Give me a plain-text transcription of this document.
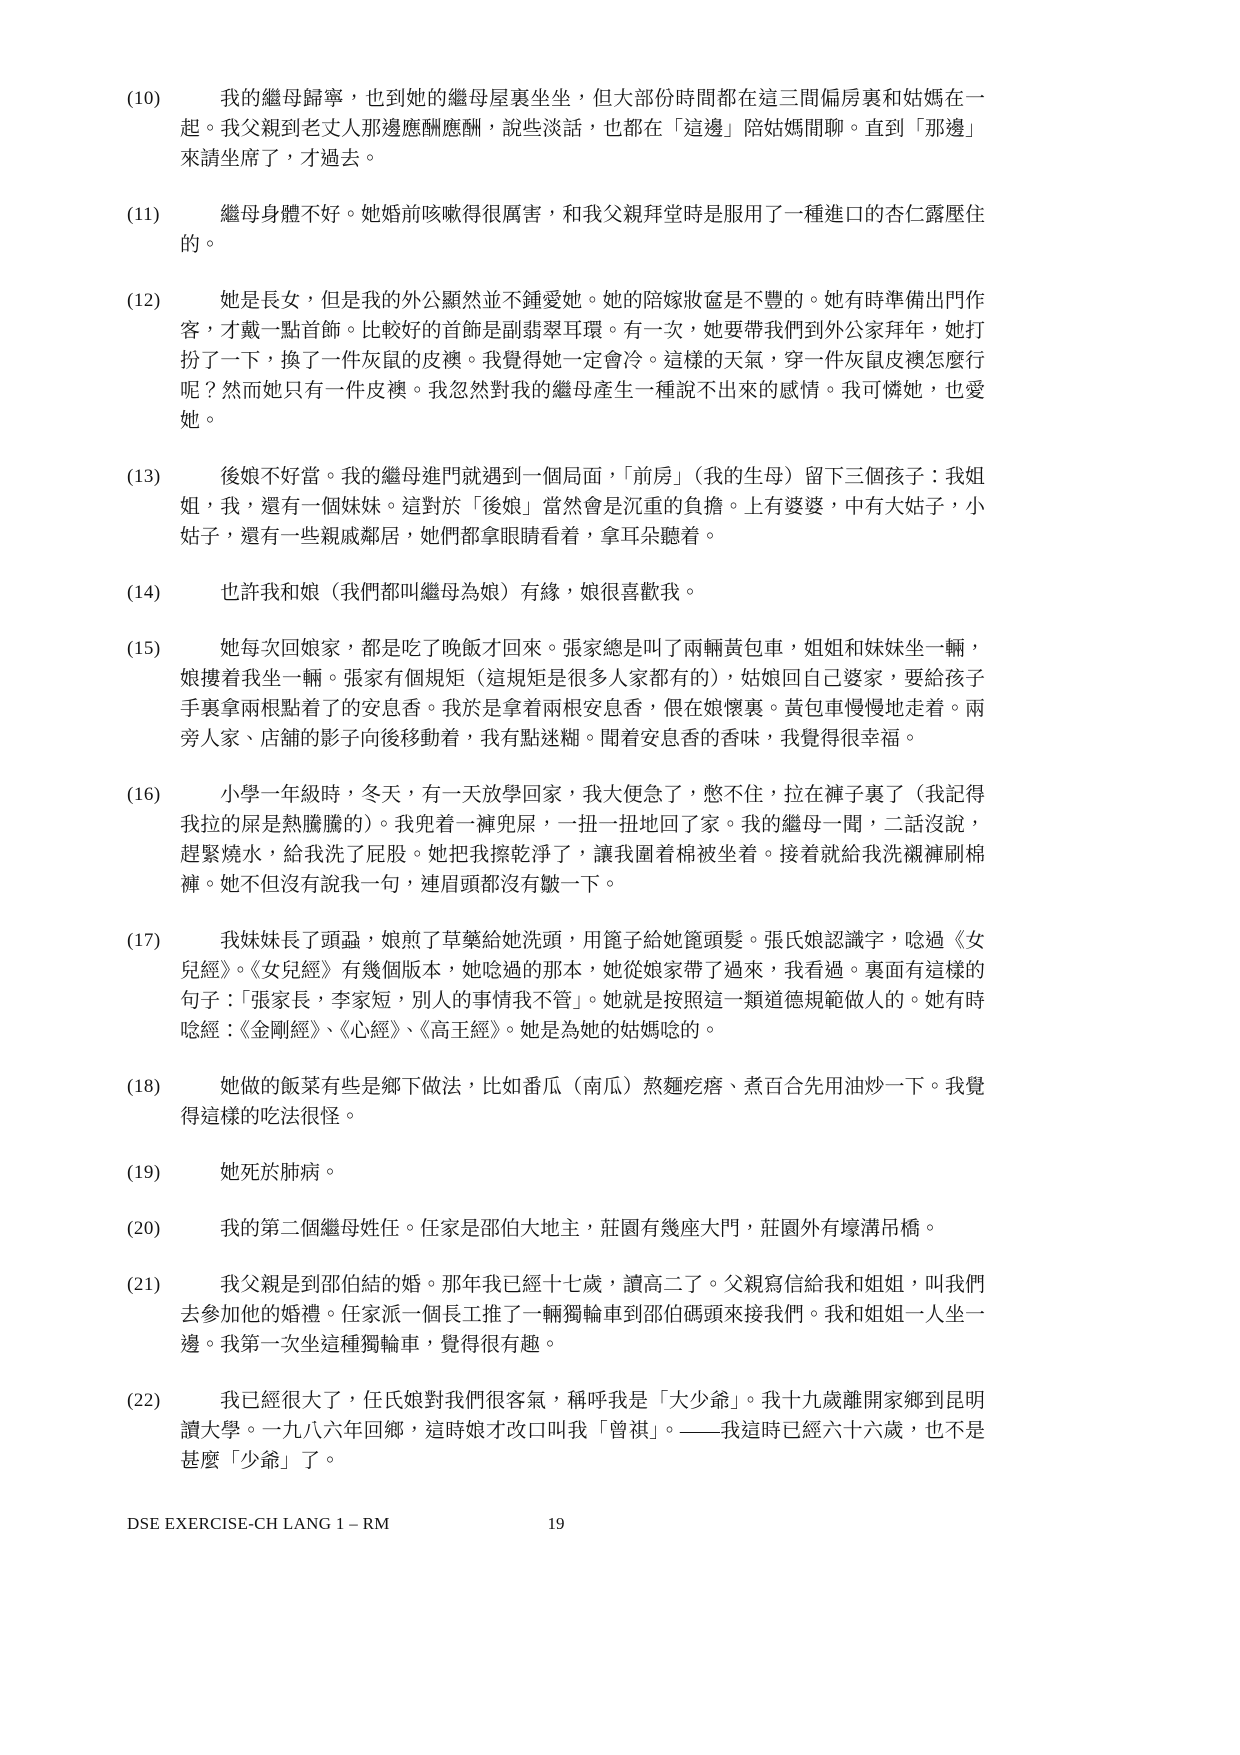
(10)	我的繼母歸寧，也到她的繼母屋裏坐坐，但大部份時間都在這三間偏房裏和姑媽在一起。我父親到老丈人那邊應酬應酬，說些淡話，也都在「這邊」陪姑媽閒聊。直到「那邊」來請坐席了，才過去。

(11)	繼母身體不好。她婚前咳嗽得很厲害，和我父親拜堂時是服用了一種進口的杏仁露壓住的。

(12)	她是長女，但是我的外公顯然並不鍾愛她。她的陪嫁妝奩是不豐的。她有時準備出門作客，才戴一點首飾。比較好的首飾是副翡翠耳環。有一次，她要帶我們到外公家拜年，她打扮了一下，換了一件灰鼠的皮襖。我覺得她一定會冷。這樣的天氣，穿一件灰鼠皮襖怎麼行呢？然而她只有一件皮襖。我忽然對我的繼母產生一種說不出來的感情。我可憐她，也愛她。

(13)	後娘不好當。我的繼母進門就遇到一個局面，「前房」（我的生母）留下三個孩子：我姐姐，我，還有一個妹妹。這對於「後娘」當然會是沉重的負擔。上有婆婆，中有大姑子，小姑子，還有一些親戚鄰居，她們都拿眼睛看着，拿耳朵聽着。

(14)	也許我和娘（我們都叫繼母為娘）有緣，娘很喜歡我。

(15)	她每次回娘家，都是吃了晚飯才回來。張家總是叫了兩輛黃包車，姐姐和妹妹坐一輛，娘摟着我坐一輛。張家有個規矩（這規矩是很多人家都有的），姑娘回自己婆家，要給孩子手裏拿兩根點着了的安息香。我於是拿着兩根安息香，偎在娘懷裏。黃包車慢慢地走着。兩旁人家、店舖的影子向後移動着，我有點迷糊。聞着安息香的香味，我覺得很幸福。

(16)	小學一年級時，冬天，有一天放學回家，我大便急了，憋不住，拉在褲子裏了（我記得我拉的屎是熱騰騰的）。我兜着一褲兜屎，一扭一扭地回了家。我的繼母一聞，二話沒說，趕緊燒水，給我洗了屁股。她把我擦乾淨了，讓我圍着棉被坐着。接着就給我洗襯褲刷棉褲。她不但沒有說我一句，連眉頭都沒有皺一下。

(17)	我妹妹長了頭蝨，娘煎了草藥給她洗頭，用篦子給她篦頭髮。張氏娘認識字，唸過《女兒經》。《女兒經》有幾個版本，她唸過的那本，她從娘家帶了過來，我看過。裏面有這樣的句子：「張家長，李家短，別人的事情我不管」。她就是按照這一類道德規範做人的。她有時唸經：《金剛經》、《心經》、《高王經》。她是為她的姑媽唸的。

(18)	她做的飯菜有些是鄉下做法，比如番瓜（南瓜）熬麵疙瘩、煮百合先用油炒一下。我覺得這樣的吃法很怪。

(19)	她死於肺病。

(20)	我的第二個繼母姓任。任家是邵伯大地主，莊園有幾座大門，莊園外有壕溝吊橋。

(21)	我父親是到邵伯結的婚。那年我已經十七歲，讀高二了。父親寫信給我和姐姐，叫我們去參加他的婚禮。任家派一個長工推了一輛獨輪車到邵伯碼頭來接我們。我和姐姐一人坐一邊。我第一次坐這種獨輪車，覺得很有趣。

(22)	我已經很大了，任氏娘對我們很客氣，稱呼我是「大少爺」。我十九歲離開家鄉到昆明讀大學。一九八六年回鄉，這時娘才改口叫我「曾祺」。——我這時已經六十六歲，也不是甚麼「少爺」了。

DSE EXERCISE-CH LANG 1 – RM	19
